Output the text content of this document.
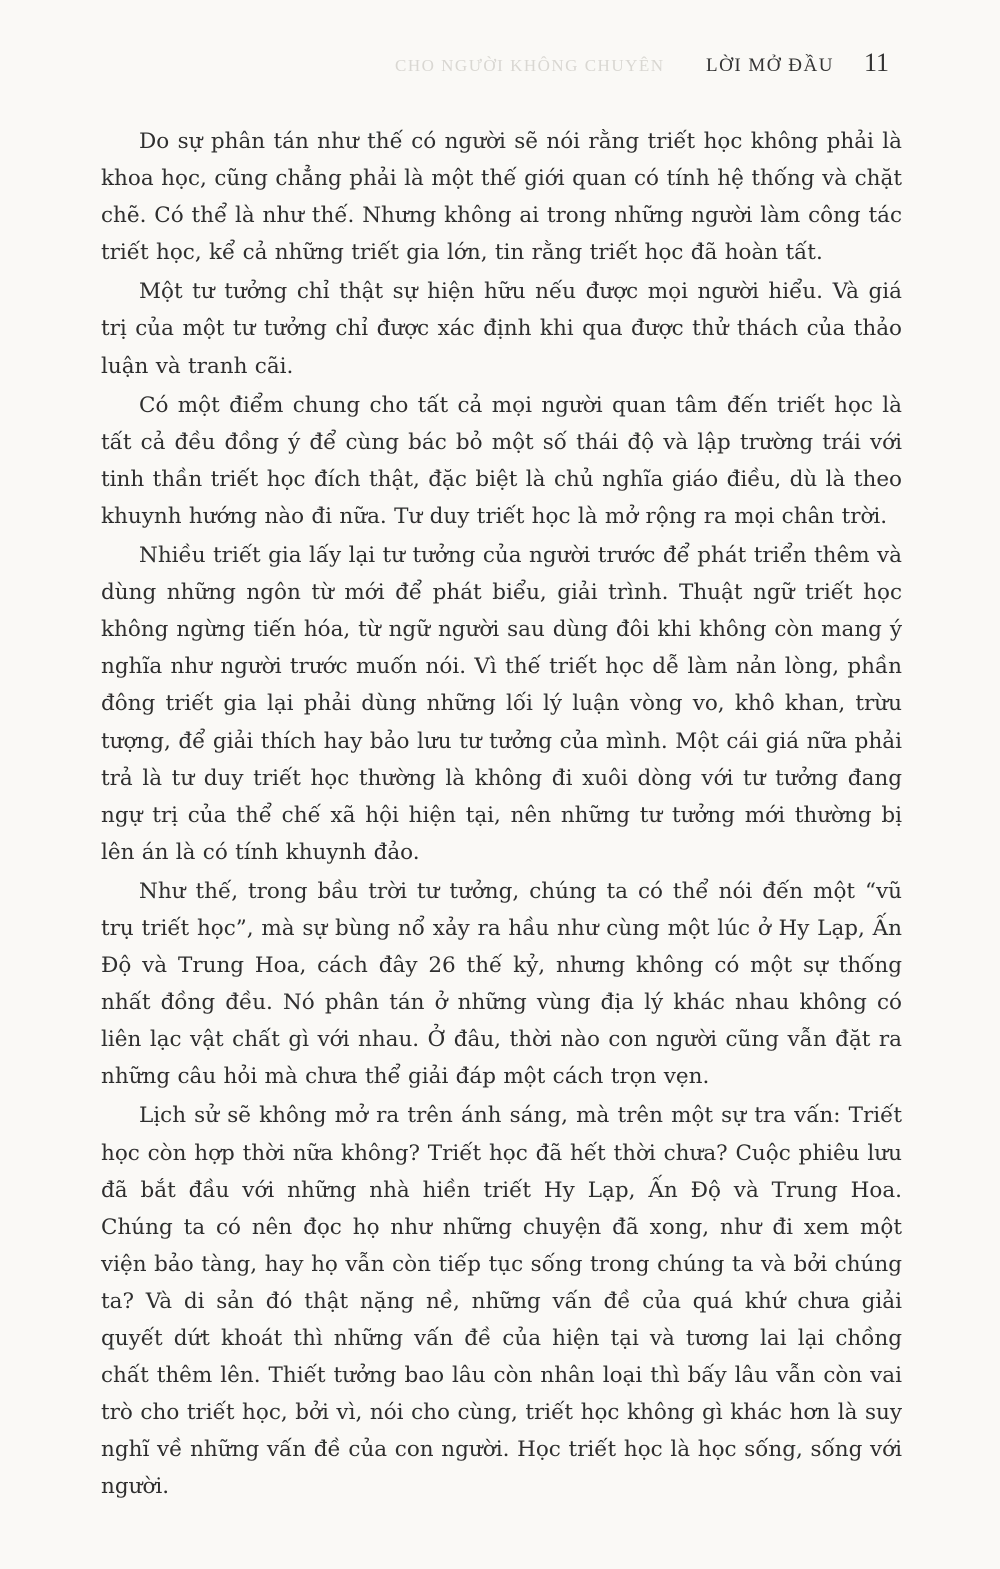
CHO NGƯỜI KHÔNG CHUYÊN LỜI MỞ ĐẦU 11

Do sự phân tán như thế có người sẽ nói rằng triết học không phải là khoa học, cũng chẳng phải là một thế giới quan có tính hệ thống và chặt chẽ. Có thể là như thế. Nhưng không ai trong những người làm công tác triết học, kể cả những triết gia lớn, tin rằng triết học đã hoàn tất.

Một tư tưởng chỉ thật sự hiện hữu nếu được mọi người hiểu. Và giá trị của một tư tưởng chỉ được xác định khi qua được thử thách của thảo luận và tranh cãi.

Có một điểm chung cho tất cả mọi người quan tâm đến triết học là tất cả đều đồng ý để cùng bác bỏ một số thái độ và lập trường trái với tinh thần triết học đích thật, đặc biệt là chủ nghĩa giáo điều, dù là theo khuynh hướng nào đi nữa. Tư duy triết học là mở rộng ra mọi chân trời.

Nhiều triết gia lấy lại tư tưởng của người trước để phát triển thêm và dùng những ngôn từ mới để phát biểu, giải trình. Thuật ngữ triết học không ngừng tiến hóa, từ ngữ người sau dùng đôi khi không còn mang ý nghĩa như người trước muốn nói. Vì thế triết học dễ làm nản lòng, phần đông triết gia lại phải dùng những lối lý luận vòng vo, khô khan, trừu tượng, để giải thích hay bảo lưu tư tưởng của mình. Một cái giá nữa phải trả là tư duy triết học thường là không đi xuôi dòng với tư tưởng đang ngự trị của thể chế xã hội hiện tại, nên những tư tưởng mới thường bị lên án là có tính khuynh đảo.

Như thế, trong bầu trời tư tưởng, chúng ta có thể nói đến một “vũ trụ triết học”, mà sự bùng nổ xảy ra hầu như cùng một lúc ở Hy Lạp, Ấn Độ và Trung Hoa, cách đây 26 thế kỷ, nhưng không có một sự thống nhất đồng đều. Nó phân tán ở những vùng địa lý khác nhau không có liên lạc vật chất gì với nhau. Ở đâu, thời nào con người cũng vẫn đặt ra những câu hỏi mà chưa thể giải đáp một cách trọn vẹn.

Lịch sử sẽ không mở ra trên ánh sáng, mà trên một sự tra vấn: Triết học còn hợp thời nữa không? Triết học đã hết thời chưa? Cuộc phiêu lưu đã bắt đầu với những nhà hiền triết Hy Lạp, Ấn Độ và Trung Hoa. Chúng ta có nên đọc họ như những chuyện đã xong, như đi xem một viện bảo tàng, hay họ vẫn còn tiếp tục sống trong chúng ta và bởi chúng ta? Và di sản đó thật nặng nề, những vấn đề của quá khứ chưa giải quyết dứt khoát thì những vấn đề của hiện tại và tương lai lại chồng chất thêm lên. Thiết tưởng bao lâu còn nhân loại thì bấy lâu vẫn còn vai trò cho triết học, bởi vì, nói cho cùng, triết học không gì khác hơn là suy nghĩ về những vấn đề của con người. Học triết học là học sống, sống với người.
